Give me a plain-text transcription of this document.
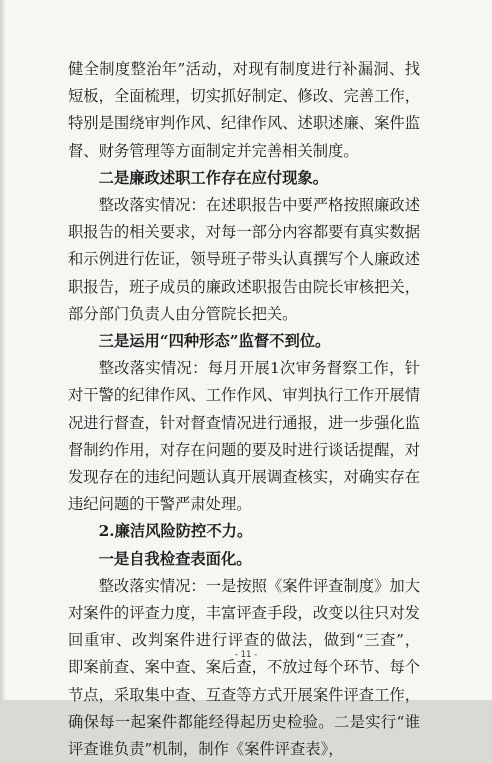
健全制度整治年”活动，对现有制度进行补漏洞、找短板，全面梳理，切实抓好制定、修改、完善工作，特别是围绕审判作风、纪律作风、述职述廉、案件监督、财务管理等方面制定并完善相关制度。

二是廉政述职工作存在应付现象。

整改落实情况：在述职报告中要严格按照廉政述职报告的相关要求，对每一部分内容都要有真实数据和示例进行佐证，领导班子带头认真撰写个人廉政述职报告，班子成员的廉政述职报告由院长审核把关，部分部门负责人由分管院长把关。

三是运用“四种形态”监督不到位。

整改落实情况：每月开展1次审务督察工作，针对干警的纪律作风、工作作风、审判执行工作开展情况进行督查，针对督查情况进行通报，进一步强化监督制约作用，对存在问题的要及时进行谈话提醒，对发现存在的违纪问题认真开展调查核实，对确实存在违纪问题的干警严肃处理。

2.廉洁风险防控不力。

一是自我检查表面化。

整改落实情况：一是按照《案件评查制度》加大对案件的评查力度，丰富评查手段，改变以往只对发回重审、改判案件进行评查的做法，做到“三查”，即案前查、案中查、案后查，不放过每个环节、每个节点，采取集中查、互查等方式开展案件评查工作，确保每一起案件都能经得起历史检验。二是实行“谁评查谁负责”机制，制作《案件评查表》，

- 11 -
